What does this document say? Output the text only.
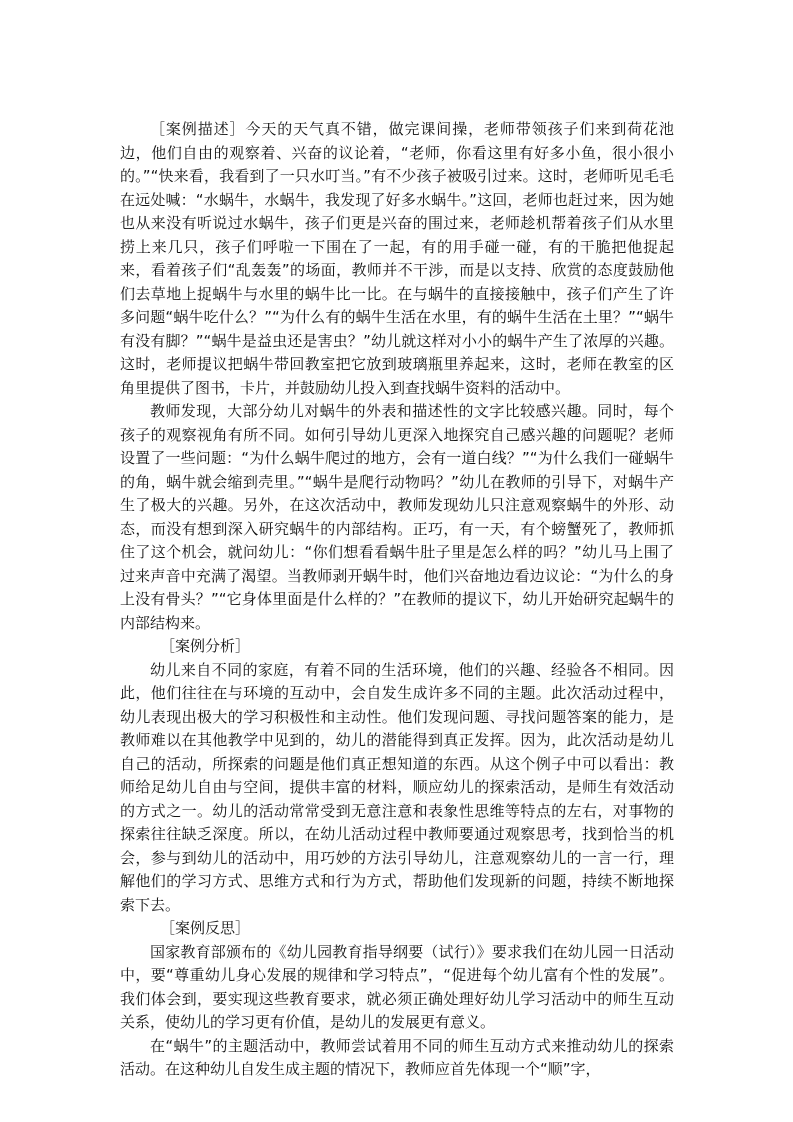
［案例描述］今天的天气真不错，做完课间操，老师带领孩子们来到荷花池边，他们自由的观察着、兴奋的议论着，“老师，你看这里有好多小鱼，很小很小的。”“快来看，我看到了一只水叮当。”有不少孩子被吸引过来。这时，老师听见毛毛在远处喊：“水蜗牛，水蜗牛，我发现了好多水蜗牛。”这回，老师也赶过来，因为她也从来没有听说过水蜗牛，孩子们更是兴奋的围过来，老师趁机帮着孩子们从水里捞上来几只，孩子们呼啦一下围在了一起，有的用手碰一碰，有的干脆把他捉起来，看着孩子们“乱轰轰”的场面，教师并不干涉，而是以支持、欣赏的态度鼓励他们去草地上捉蜗牛与水里的蜗牛比一比。在与蜗牛的直接接触中，孩子们产生了许多问题“蜗牛吃什么？”“为什么有的蜗牛生活在水里，有的蜗牛生活在土里？”“蜗牛有没有脚？”“蜗牛是益虫还是害虫？”幼儿就这样对小小的蜗牛产生了浓厚的兴趣。这时，老师提议把蜗牛带回教室把它放到玻璃瓶里养起来，这时，老师在教室的区角里提供了图书，卡片，并鼓励幼儿投入到查找蜗牛资料的活动中。

教师发现，大部分幼儿对蜗牛的外表和描述性的文字比较感兴趣。同时，每个孩子的观察视角有所不同。如何引导幼儿更深入地探究自己感兴趣的问题呢？老师设置了一些问题：“为什么蜗牛爬过的地方，会有一道白线？”“为什么我们一碰蜗牛的角，蜗牛就会缩到壳里。”“蜗牛是爬行动物吗？”幼儿在教师的引导下，对蜗牛产生了极大的兴趣。另外，在这次活动中，教师发现幼儿只注意观察蜗牛的外形、动态，而没有想到深入研究蜗牛的内部结构。正巧，有一天，有个螃蟹死了，教师抓住了这个机会，就问幼儿：“你们想看看蜗牛肚子里是怎么样的吗？”幼儿马上围了过来声音中充满了渴望。当教师剥开蜗牛时，他们兴奋地边看边议论：“为什么的身上没有骨头？”“它身体里面是什么样的？”在教师的提议下，幼儿开始研究起蜗牛的内部结构来。

［案例分析］

幼儿来自不同的家庭，有着不同的生活环境，他们的兴趣、经验各不相同。因此，他们往往在与环境的互动中，会自发生成许多不同的主题。此次活动过程中，幼儿表现出极大的学习积极性和主动性。他们发现问题、寻找问题答案的能力，是教师难以在其他教学中见到的，幼儿的潜能得到真正发挥。因为，此次活动是幼儿自己的活动，所探索的问题是他们真正想知道的东西。从这个例子中可以看出：教师给足幼儿自由与空间，提供丰富的材料，顺应幼儿的探索活动，是师生有效活动的方式之一。幼儿的活动常常受到无意注意和表象性思维等特点的左右，对事物的探索往往缺乏深度。所以，在幼儿活动过程中教师要通过观察思考，找到恰当的机会，参与到幼儿的活动中，用巧妙的方法引导幼儿，注意观察幼儿的一言一行，理解他们的学习方式、思维方式和行为方式，帮助他们发现新的问题，持续不断地探索下去。

［案例反思］

国家教育部颁布的《幼儿园教育指导纲要（试行）》要求我们在幼儿园一日活动中，要“尊重幼儿身心发展的规律和学习特点”，“促进每个幼儿富有个性的发展”。我们体会到，要实现这些教育要求，就必须正确处理好幼儿学习活动中的师生互动关系，使幼儿的学习更有价值，是幼儿的发展更有意义。

在“蜗牛”的主题活动中，教师尝试着用不同的师生互动方式来推动幼儿的探索活动。在这种幼儿自发生成主题的情况下，教师应首先体现一个“顺”字，
